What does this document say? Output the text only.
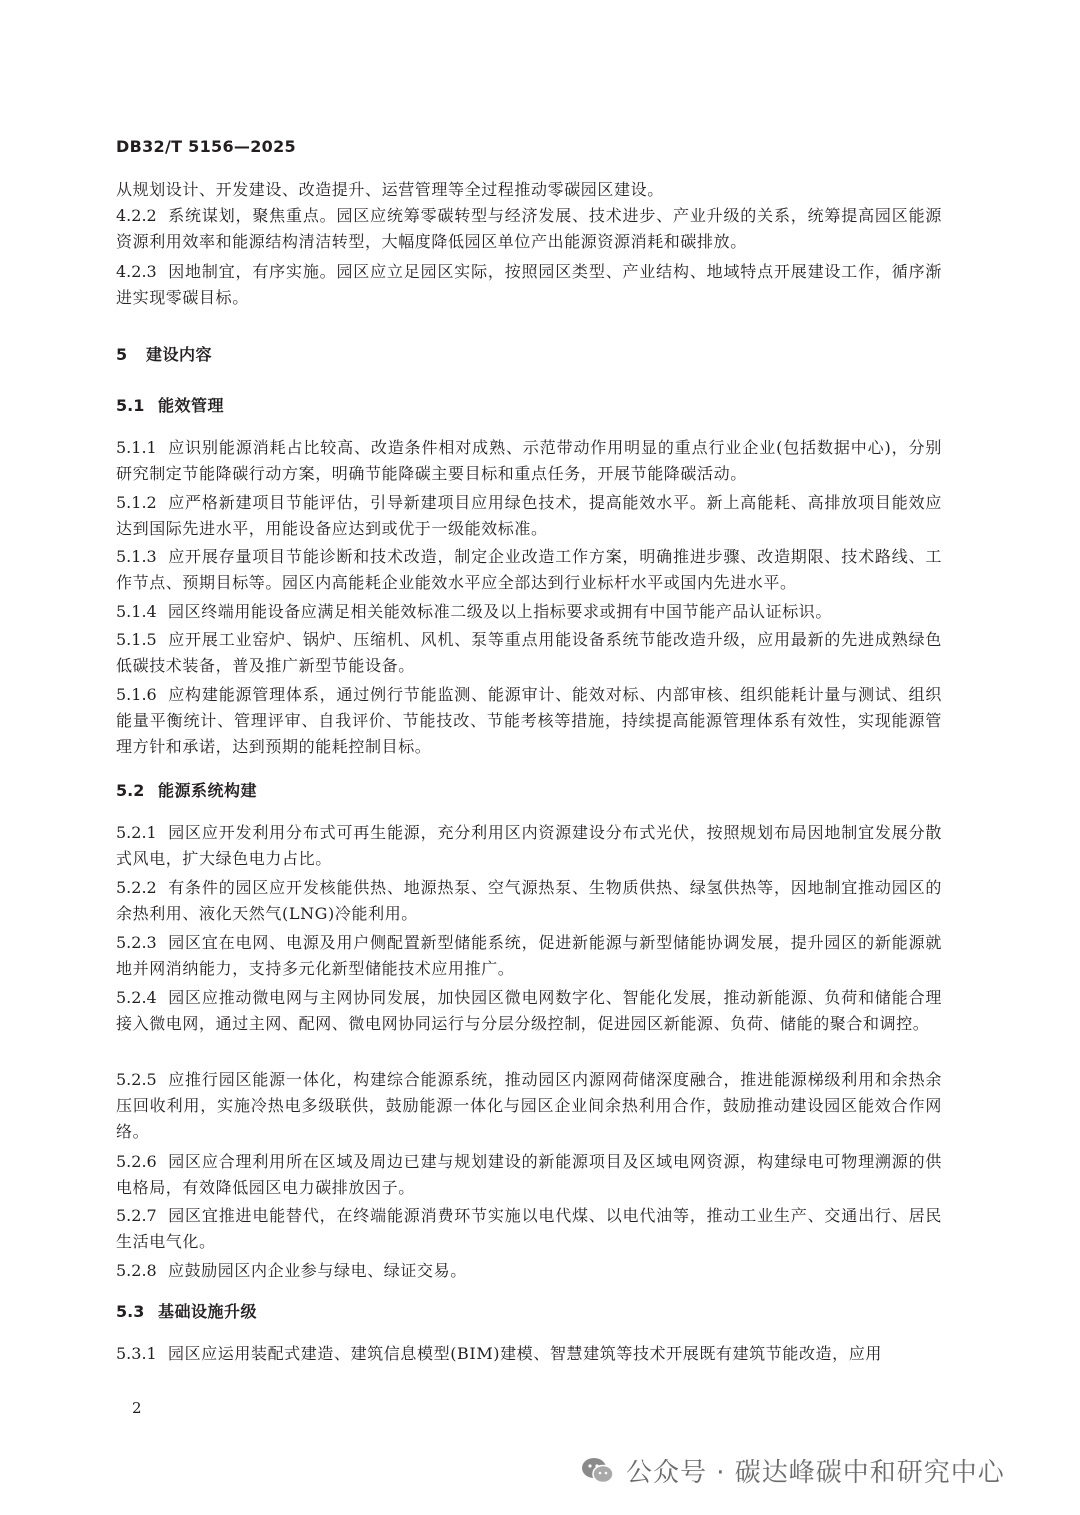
DB32/T 5156—2025
从规划设计、开发建设、改造提升、运营管理等全过程推动零碳园区建设。
4.2.2 系统谋划，聚焦重点。园区应统筹零碳转型与经济发展、技术进步、产业升级的关系，统筹提高园区能源资源利用效率和能源结构清洁转型，大幅度降低园区单位产出能源资源消耗和碳排放。
4.2.3 因地制宜，有序实施。园区应立足园区实际，按照园区类型、产业结构、地域特点开展建设工作，循序渐进实现零碳目标。
5 建设内容
5.1 能效管理
5.1.1 应识别能源消耗占比较高、改造条件相对成熟、示范带动作用明显的重点行业企业(包括数据中心)，分别研究制定节能降碳行动方案，明确节能降碳主要目标和重点任务，开展节能降碳活动。
5.1.2 应严格新建项目节能评估，引导新建项目应用绿色技术，提高能效水平。新上高能耗、高排放项目能效应达到国际先进水平，用能设备应达到或优于一级能效标准。
5.1.3 应开展存量项目节能诊断和技术改造，制定企业改造工作方案，明确推进步骤、改造期限、技术路线、工作节点、预期目标等。园区内高能耗企业能效水平应全部达到行业标杆水平或国内先进水平。
5.1.4 园区终端用能设备应满足相关能效标准二级及以上指标要求或拥有中国节能产品认证标识。
5.1.5 应开展工业窑炉、锅炉、压缩机、风机、泵等重点用能设备系统节能改造升级，应用最新的先进成熟绿色低碳技术装备，普及推广新型节能设备。
5.1.6 应构建能源管理体系，通过例行节能监测、能源审计、能效对标、内部审核、组织能耗计量与测试、组织能量平衡统计、管理评审、自我评价、节能技改、节能考核等措施，持续提高能源管理体系有效性，实现能源管理方针和承诺，达到预期的能耗控制目标。
5.2 能源系统构建
5.2.1 园区应开发利用分布式可再生能源，充分利用区内资源建设分布式光伏，按照规划布局因地制宜发展分散式风电，扩大绿色电力占比。
5.2.2 有条件的园区应开发核能供热、地源热泵、空气源热泵、生物质供热、绿氢供热等，因地制宜推动园区的余热利用、液化天然气(LNG)冷能利用。
5.2.3 园区宜在电网、电源及用户侧配置新型储能系统，促进新能源与新型储能协调发展，提升园区的新能源就地并网消纳能力，支持多元化新型储能技术应用推广。
5.2.4 园区应推动微电网与主网协同发展，加快园区微电网数字化、智能化发展，推动新能源、负荷和储能合理接入微电网，通过主网、配网、微电网协同运行与分层分级控制，促进园区新能源、负荷、储能的聚合和调控。
5.2.5 应推行园区能源一体化，构建综合能源系统，推动园区内源网荷储深度融合，推进能源梯级利用和余热余压回收利用，实施冷热电多级联供，鼓励能源一体化与园区企业间余热利用合作，鼓励推动建设园区能效合作网络。
5.2.6 园区应合理利用所在区域及周边已建与规划建设的新能源项目及区域电网资源，构建绿电可物理溯源的供电格局，有效降低园区电力碳排放因子。
5.2.7 园区宜推进电能替代，在终端能源消费环节实施以电代煤、以电代油等，推动工业生产、交通出行、居民生活电气化。
5.2.8 应鼓励园区内企业参与绿电、绿证交易。
5.3 基础设施升级
5.3.1 园区应运用装配式建造、建筑信息模型(BIM)建模、智慧建筑等技术开展既有建筑节能改造，应用
2
公众号 · 碳达峰碳中和研究中心
